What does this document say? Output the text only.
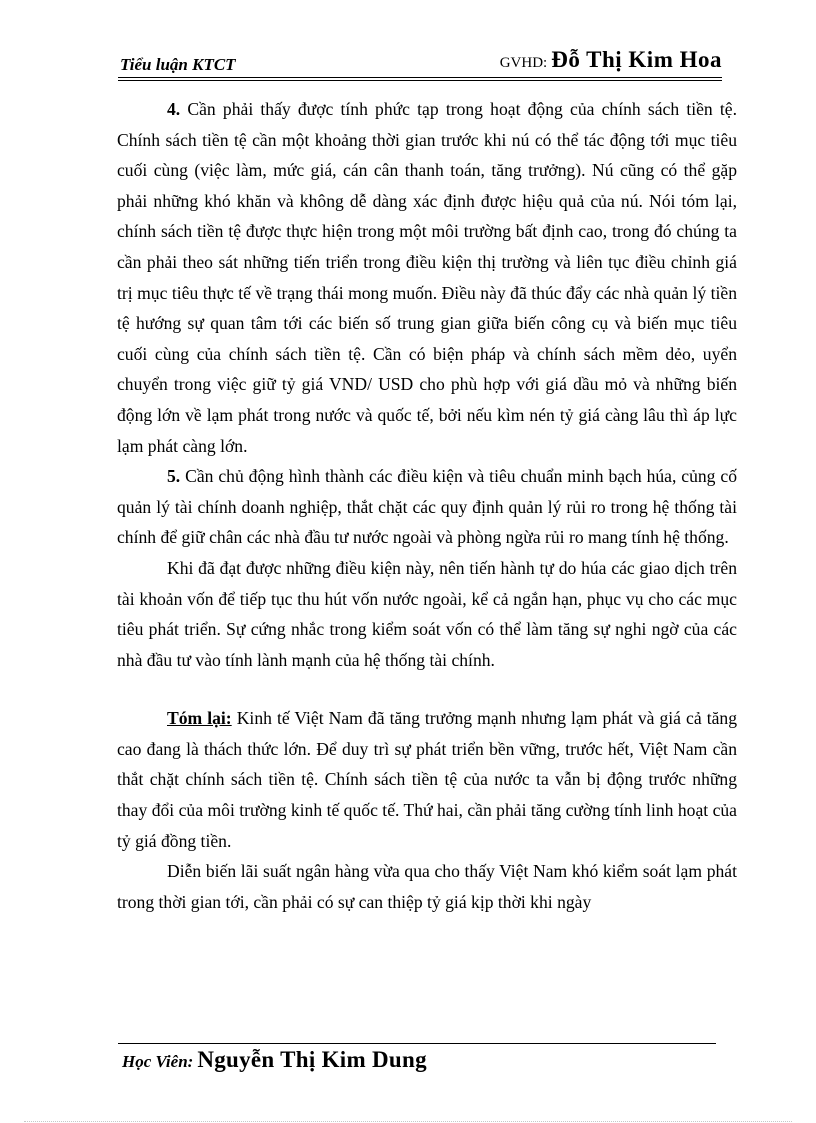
Tiểu luận KTCT	GVHD: Đỗ Thị Kim Hoa

4. Cần phải thấy được tính phức tạp trong hoạt động của chính sách tiền tệ. Chính sách tiền tệ cần một khoảng thời gian trước khi nú có thể tác động tới mục tiêu cuối cùng (việc làm, mức giá, cán cân thanh toán, tăng trưởng). Nú cũng có thể gặp phải những khó khăn và không dễ dàng xác định được hiệu quả của nú. Nói tóm lại, chính sách tiền tệ được thực hiện trong một môi trường bất định cao, trong đó chúng ta cần phải theo sát những tiến triển trong điều kiện thị trường và liên tục điều chỉnh giá trị mục tiêu thực tế về trạng thái mong muốn. Điều này đã thúc đẩy các nhà quản lý tiền tệ hướng sự quan tâm tới các biến số trung gian giữa biến công cụ và biến mục tiêu cuối cùng của chính sách tiền tệ. Cần có biện pháp và chính sách mềm dẻo, uyển chuyển trong việc giữ tỷ giá VND/ USD cho phù hợp với giá dầu mỏ và những biến động lớn về lạm phát trong nước và quốc tế, bởi nếu kìm nén tỷ giá càng lâu thì áp lực lạm phát càng lớn.

5. Cần chủ động hình thành các điều kiện và tiêu chuẩn minh bạch húa, củng cố quản lý tài chính doanh nghiệp, thắt chặt các quy định quản lý rủi ro trong hệ thống tài chính để giữ chân các nhà đầu tư nước ngoài và phòng ngừa rủi ro mang tính hệ thống.

Khi đã đạt được những điều kiện này, nên tiến hành tự do húa các giao dịch trên tài khoản vốn để tiếp tục thu hút vốn nước ngoài, kể cả ngắn hạn, phục vụ cho các mục tiêu phát triển. Sự cứng nhắc trong kiểm soát vốn có thể làm tăng sự nghi ngờ của các nhà đầu tư vào tính lành mạnh của hệ thống tài chính.

Tóm lại: Kinh tế Việt Nam đã tăng trưởng mạnh nhưng lạm phát và giá cả tăng cao đang là thách thức lớn. Để duy trì sự phát triển bền vững, trước hết, Việt Nam cần thắt chặt chính sách tiền tệ. Chính sách tiền tệ của nước ta vẫn bị động trước những thay đổi của môi trường kinh tế quốc tế. Thứ hai, cần phải tăng cường tính linh hoạt của tỷ giá đồng tiền.

Diễn biến lãi suất ngân hàng vừa qua cho thấy Việt Nam khó kiểm soát lạm phát trong thời gian tới, cần phải có sự can thiệp tỷ giá kịp thời khi ngày

Học Viên: Nguyễn Thị Kim Dung
